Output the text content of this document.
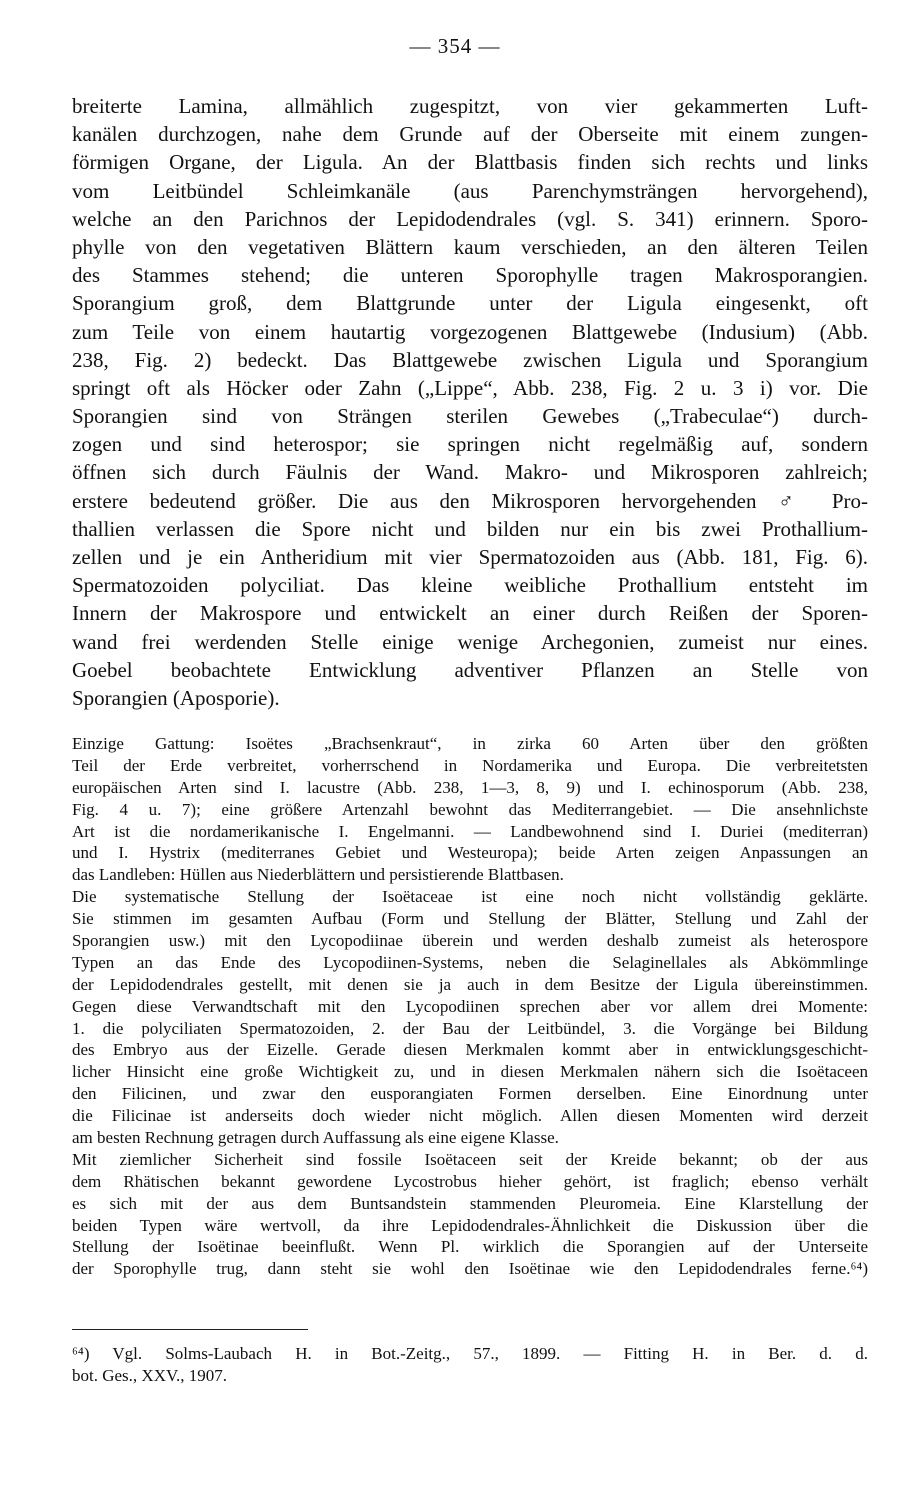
— 354 —
breiterte Lamina, allmählich zugespitzt, von vier gekammerten Luft-
kanälen durchzogen, nahe dem Grunde auf der Oberseite mit einem zungen-
förmigen Organe, der Ligula. An der Blattbasis finden sich rechts und links
vom Leitbündel Schleimkanäle (aus Parenchymsträngen hervorgehend),
welche an den Parichnos der Lepidodendrales (vgl. S. 341) erinnern. Sporo-
phylle von den vegetativen Blättern kaum verschieden, an den älteren Teilen
des Stammes stehend; die unteren Sporophylle tragen Makrosporangien.
Sporangium groß, dem Blattgrunde unter der Ligula eingesenkt, oft
zum Teile von einem hautartig vorgezogenen Blattgewebe (Indusium) (Abb.
238, Fig. 2) bedeckt. Das Blattgewebe zwischen Ligula und Sporangium
springt oft als Höcker oder Zahn („Lippe“, Abb. 238, Fig. 2 u. 3 i) vor. Die
Sporangien sind von Strängen sterilen Gewebes („Trabeculae“) durch-
zogen und sind heterospor; sie springen nicht regelmäßig auf, sondern
öffnen sich durch Fäulnis der Wand. Makro- und Mikrosporen zahlreich;
erstere bedeutend größer. Die aus den Mikrosporen hervorgehenden ♂ Pro-
thallien verlassen die Spore nicht und bilden nur ein bis zwei Prothallium-
zellen und je ein Antheridium mit vier Spermatozoiden aus (Abb. 181, Fig. 6).
Spermatozoiden polyciliat. Das kleine weibliche Prothallium entsteht im
Innern der Makrospore und entwickelt an einer durch Reißen der Sporen-
wand frei werdenden Stelle einige wenige Archegonien, zumeist nur eines.
Goebel beobachtete Entwicklung adventiver Pflanzen an Stelle von
Sporangien (Aposporie).
Einzige Gattung: Isoëtes „Brachsenkraut“, in zirka 60 Arten über den größten
Teil der Erde verbreitet, vorherrschend in Nordamerika und Europa. Die verbreitetsten
europäischen Arten sind I. lacustre (Abb. 238, 1—3, 8, 9) und I. echinosporum (Abb. 238,
Fig. 4 u. 7); eine größere Artenzahl bewohnt das Mediterrangebiet. — Die ansehnlichste
Art ist die nordamerikanische I. Engelmanni. — Landbewohnend sind I. Duriei (mediterran)
und I. Hystrix (mediterranes Gebiet und Westeuropa); beide Arten zeigen Anpassungen an
das Landleben: Hüllen aus Niederblättern und persistierende Blattbasen.
Die systematische Stellung der Isoëtaceae ist eine noch nicht vollständig geklärte.
Sie stimmen im gesamten Aufbau (Form und Stellung der Blätter, Stellung und Zahl der
Sporangien usw.) mit den Lycopodiinae überein und werden deshalb zumeist als heterospore
Typen an das Ende des Lycopodiinen-Systems, neben die Selaginellales als Abkömmlinge
der Lepidodendrales gestellt, mit denen sie ja auch in dem Besitze der Ligula übereinstimmen.
Gegen diese Verwandtschaft mit den Lycopodiinen sprechen aber vor allem drei Momente:
1. die polyciliaten Spermatozoiden, 2. der Bau der Leitbündel, 3. die Vorgänge bei Bildung
des Embryo aus der Eizelle. Gerade diesen Merkmalen kommt aber in entwicklungsgeschicht-
licher Hinsicht eine große Wichtigkeit zu, und in diesen Merkmalen nähern sich die Isoëtaceen
den Filicinen, und zwar den eusporangiaten Formen derselben. Eine Einordnung unter
die Filicinae ist anderseits doch wieder nicht möglich. Allen diesen Momenten wird derzeit
am besten Rechnung getragen durch Auffassung als eine eigene Klasse.
Mit ziemlicher Sicherheit sind fossile Isoëtaceen seit der Kreide bekannt; ob der aus
dem Rhätischen bekannt gewordene Lycostrobus hieher gehört, ist fraglich; ebenso verhält
es sich mit der aus dem Buntsandstein stammenden Pleuromeia. Eine Klarstellung der
beiden Typen wäre wertvoll, da ihre Lepidodendrales-Ähnlichkeit die Diskussion über die
Stellung der Isoëtinae beeinflußt. Wenn Pl. wirklich die Sporangien auf der Unterseite
der Sporophylle trug, dann steht sie wohl den Isoëtinae wie den Lepidodendrales ferne.⁶⁴)
⁶⁴) Vgl. Solms-Laubach H. in Bot.-Zeitg., 57., 1899. — Fitting H. in Ber. d. d.
bot. Ges., XXV., 1907.
